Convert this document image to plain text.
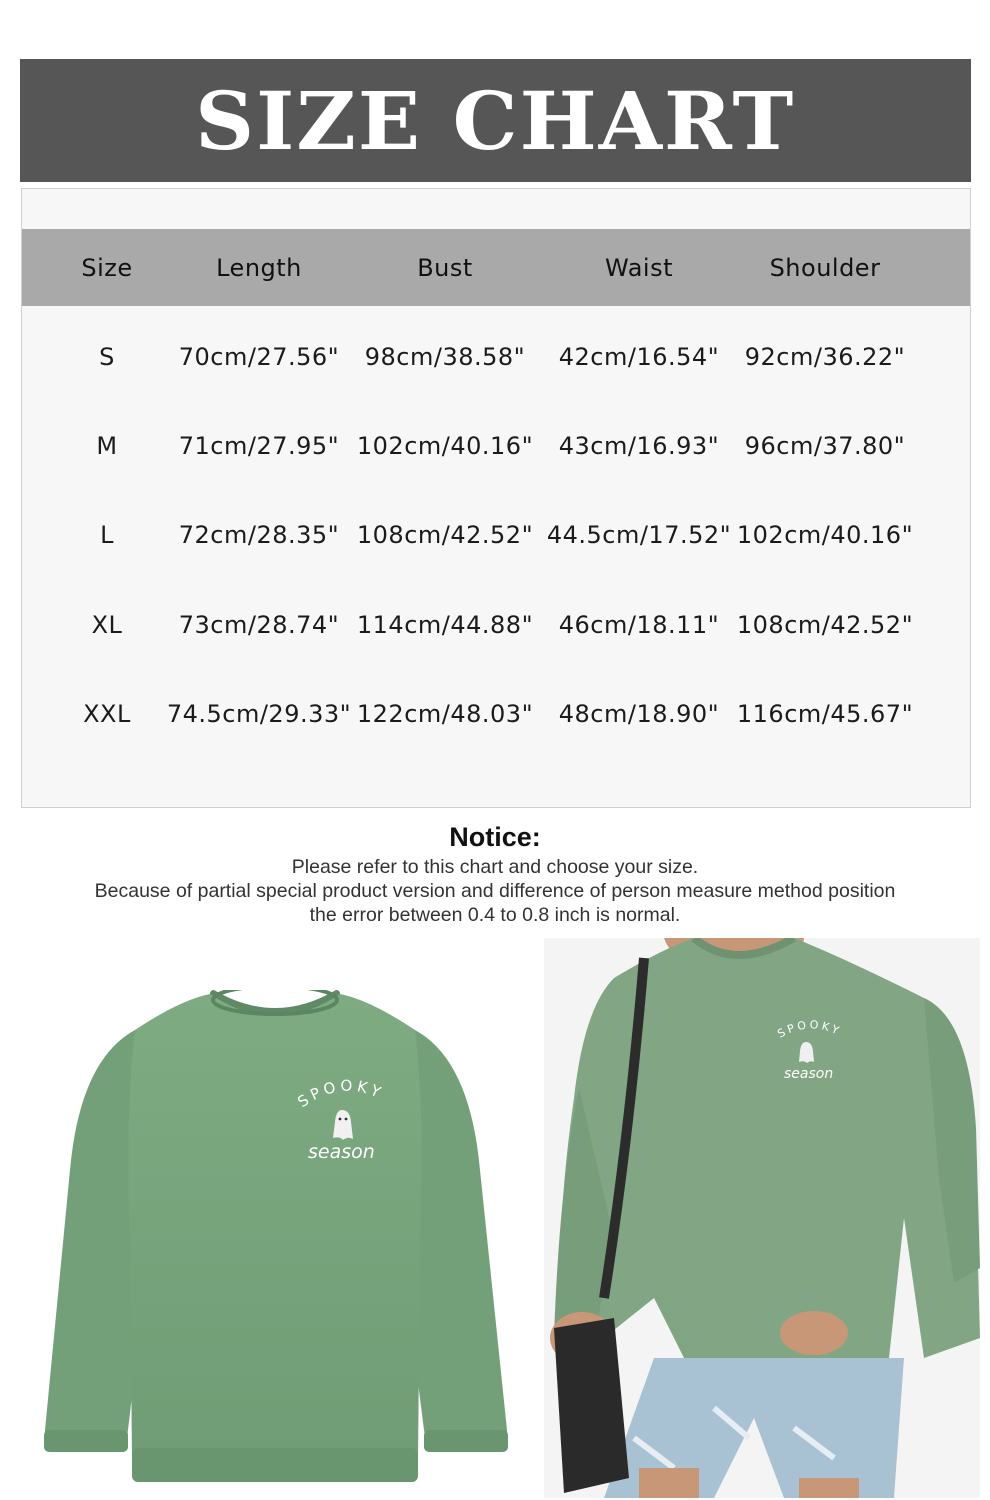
SIZE CHART
Size	Length	Bust	Waist	Shoulder
S	70cm/27.56"	98cm/38.58"	42cm/16.54"	92cm/36.22"
M	71cm/27.95" 102cm/40.16"	43cm/16.93"	96cm/37.80"
L	72cm/28.35" 108cm/42.52" 44.5cm/17.52" 102cm/40.16"
XL	73cm/28.74" 114cm/44.88"	46cm/18.11" 108cm/42.52"
XXL	74.5cm/29.33" 122cm/48.03"	48cm/18.90" 116cm/45.67"
Notice:
Please refer to this chart and choose your size.
Because of partial special product version and difference of person measure method position
the error between 0.4 to 0.8 inch is normal.
SPOOKY
season
SPOOKY
season
